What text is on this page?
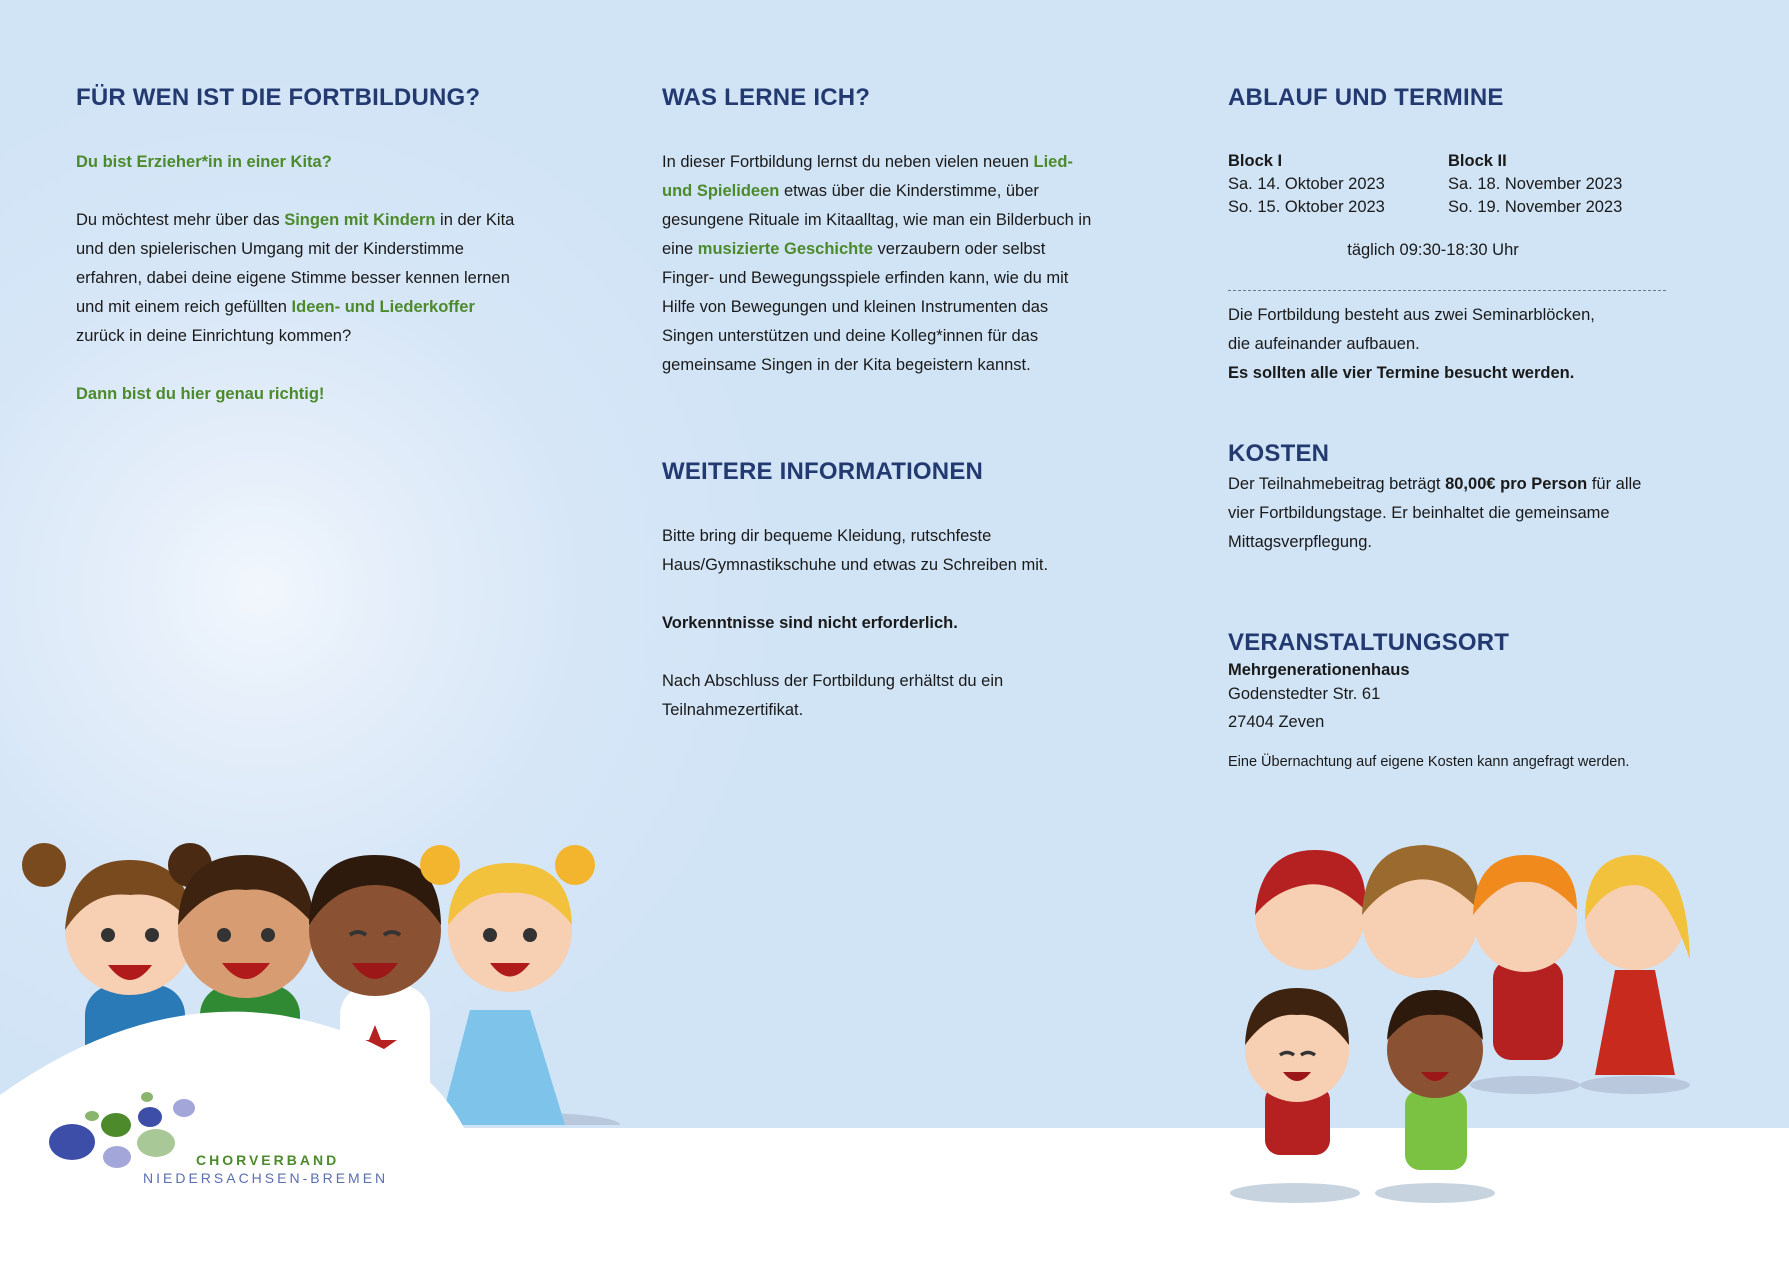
FÜR WEN IST DIE FORTBILDUNG?

Du bist Erzieher*in in einer Kita?

Du möchtest mehr über das Singen mit Kindern in der Kita und den spielerischen Umgang mit der Kinderstimme erfahren, dabei deine eigene Stimme besser kennen lernen und mit einem reich gefüllten Ideen- und Liederkoffer zurück in deine Einrichtung kommen?

Dann bist du hier genau richtig!

WAS LERNE ICH?

In dieser Fortbildung lernst du neben vielen neuen Lied- und Spielideen etwas über die Kinderstimme, über gesungene Rituale im Kitaalltag, wie man ein Bilderbuch in eine musizierte Geschichte verzaubern oder selbst Finger- und Bewegungsspiele erfinden kann, wie du mit Hilfe von Bewegungen und kleinen Instrumenten das Singen unterstützen und deine Kolleg*innen für das gemeinsame Singen in der Kita begeistern kannst.

WEITERE INFORMATIONEN

Bitte bring dir bequeme Kleidung, rutschfeste Haus/Gymnastikschuhe und etwas zu Schreiben mit.

Vorkenntnisse sind nicht erforderlich.

Nach Abschluss der Fortbildung erhältst du ein Teilnahmezertifikat.

ABLAUF UND TERMINE
Block I
Sa. 14. Oktober 2023
So. 15. Oktober 2023
Block II
Sa. 18. November 2023
So. 19. November 2023
täglich 09:30-18:30 Uhr

Die Fortbildung besteht aus zwei Seminarblöcken,

die aufeinander aufbauen.

Es sollten alle vier Termine besucht werden.

KOSTEN

Der Teilnahmebeitrag beträgt 80,00€ pro Person für alle vier Fortbildungstage. Er beinhaltet die gemeinsame Mittagsverpflegung.

VERANSTALTUNGSORT

Mehrgenerationenhaus

Godenstedter Str. 61

27404 Zeven

Eine Übernachtung auf eigene Kosten kann angefragt werden.

CHORVERBAND
NIEDERSACHSEN-BREMEN
